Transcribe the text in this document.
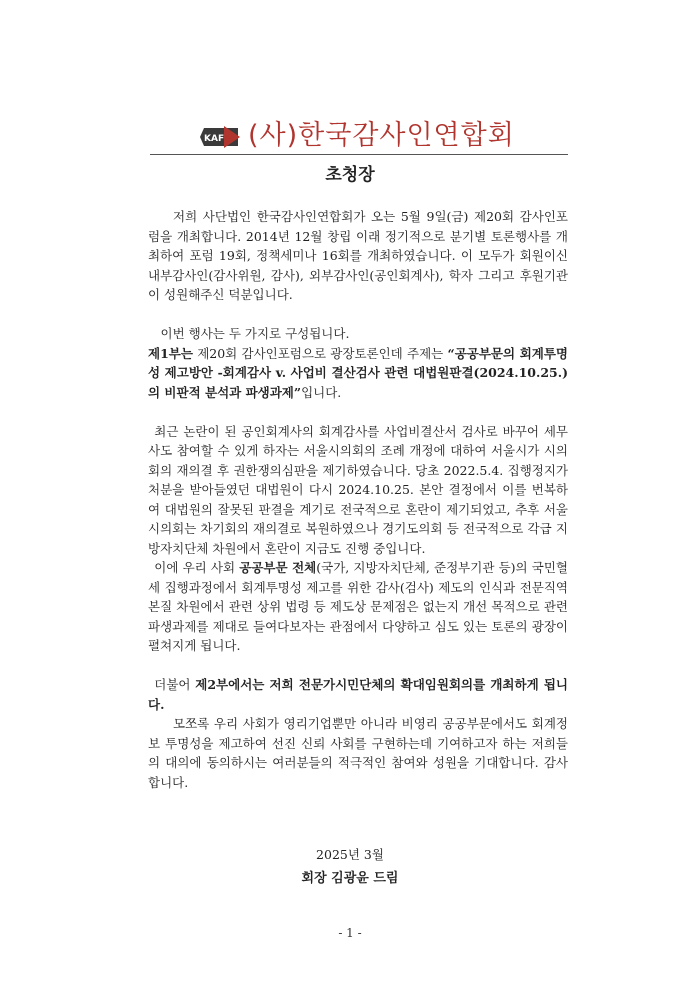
KAF (사)한국감사인연합회
초청장

저희 사단법인 한국감사인연합회가 오는 5월 9일(금) 제20회 감사인포럼을 개최합니다. 2014년 12월 창립 이래 정기적으로 분기별 토론행사를 개최하여 포럼 19회, 정책세미나 16회를 개최하였습니다. 이 모두가 회원이신 내부감사인(감사위원, 감사), 외부감사인(공인회계사), 학자 그리고 후원기관이 성원해주신 덕분입니다.

이번 행사는 두 가지로 구성됩니다.

제1부는 제20회 감사인포럼으로 광장토론인데 주제는 “공공부문의 회계투명성 제고방안 -회계감사 v. 사업비 결산검사 관련 대법원판결(2024.10.25.)의 비판적 분석과 파생과제”입니다.

최근 논란이 된 공인회계사의 회계감사를 사업비결산서 검사로 바꾸어 세무사도 참여할 수 있게 하자는 서울시의회의 조례 개정에 대하여 서울시가 시의회의 재의결 후 권한쟁의심판을 제기하였습니다. 당초 2022.5.4. 집행정지가처분을 받아들였던 대법원이 다시 2024.10.25. 본안 결정에서 이를 번복하여 대법원의 잘못된 판결을 계기로 전국적으로 혼란이 제기되었고, 추후 서울시의회는 차기회의 재의결로 복원하였으나 경기도의회 등 전국적으로 각급 지방자치단체 차원에서 혼란이 지금도 진행 중입니다.

이에 우리 사회 공공부문 전체(국가, 지방자치단체, 준정부기관 등)의 국민혈세 집행과정에서 회계투명성 제고를 위한 감사(검사) 제도의 인식과 전문직역 본질 차원에서 관련 상위 법령 등 제도상 문제점은 없는지 개선 목적으로 관련 파생과제를 제대로 들여다보자는 관점에서 다양하고 심도 있는 토론의 광장이 펼쳐지게 됩니다.

더불어 제2부에서는 저희 전문가시민단체의 확대임원회의를 개최하게 됩니다.

모쪼록 우리 사회가 영리기업뿐만 아니라 비영리 공공부문에서도 회계정보 투명성을 제고하여 선진 신뢰 사회를 구현하는데 기여하고자 하는 저희들의 대의에 동의하시는 여러분들의 적극적인 참여와 성원을 기대합니다. 감사합니다.

2025년 3월
회장 김광윤 드림
- 1 -
